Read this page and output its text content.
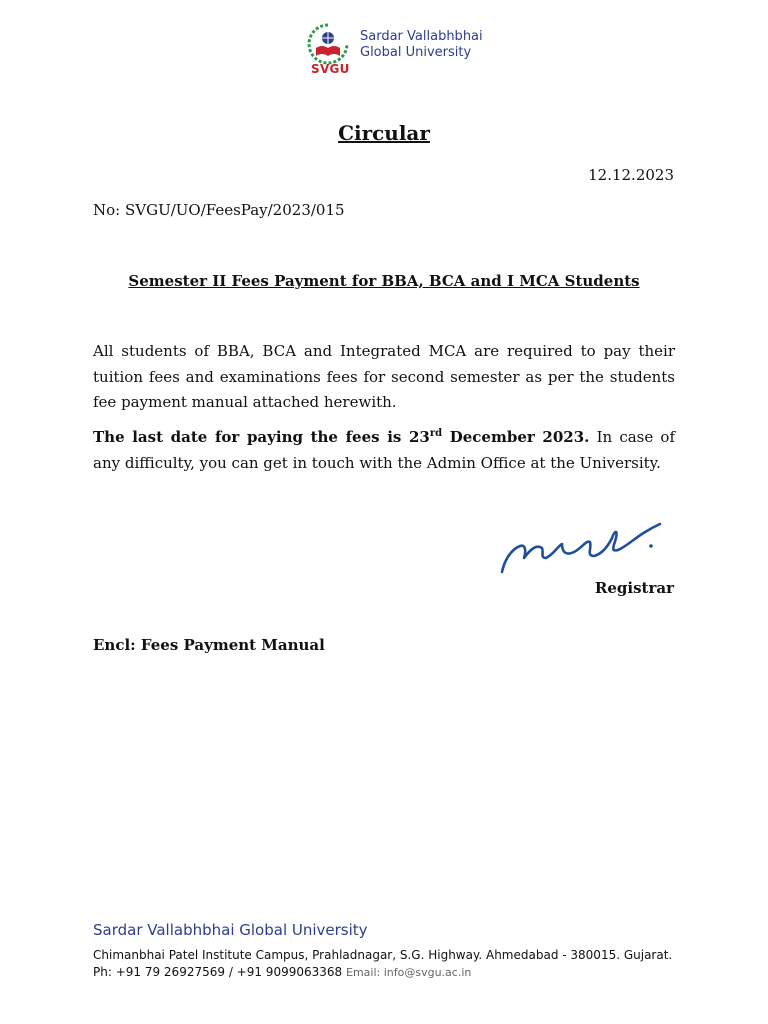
Sardar Vallabhbhai
Global University
SVGU
Circular
12.12.2023
No: SVGU/UO/FeesPay/2023/015
Semester II Fees Payment for BBA, BCA and I MCA Students

All students of BBA, BCA and Integrated MCA are required to pay their tuition fees and examinations fees for second semester as per the students fee payment manual attached herewith.

The last date for paying the fees is 23rd December 2023. In case of any difficulty, you can get in touch with the Admin Office at the University.

Registrar
Encl: Fees Payment Manual
Sardar Vallabhbhai Global University
Chimanbhai Patel Institute Campus, Prahladnagar, S.G. Highway. Ahmedabad - 380015. Gujarat.
Ph: +91 79 26927569 / +91 9099063368 Email: info@svgu.ac.in
